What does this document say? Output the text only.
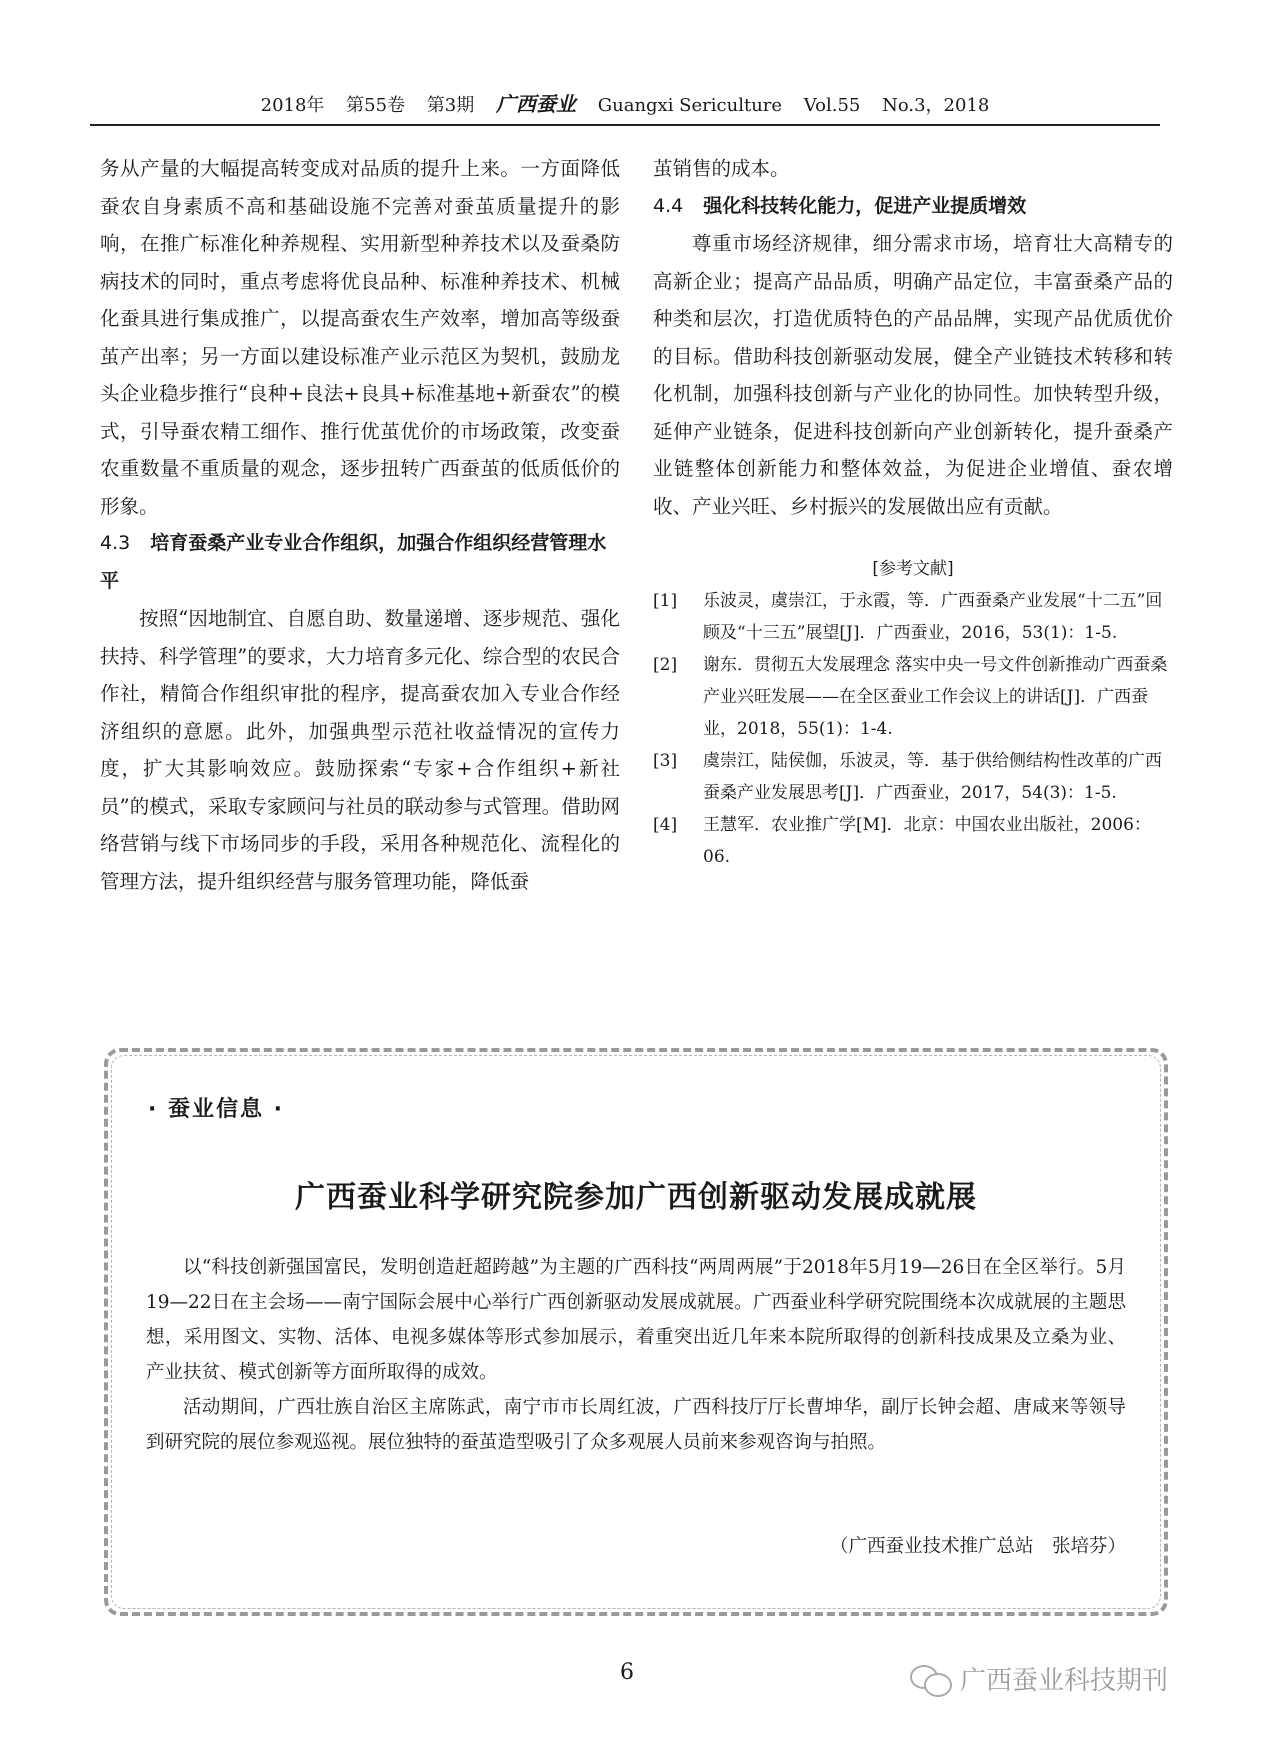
2018年 第55卷 第3期 广西蚕业 Guangxi Sericulture Vol.55 No.3，2018

务从产量的大幅提高转变成对品质的提升上来。一方面降低蚕农自身素质不高和基础设施不完善对蚕茧质量提升的影响，在推广标准化种养规程、实用新型种养技术以及蚕桑防病技术的同时，重点考虑将优良品种、标准种养技术、机械化蚕具进行集成推广，以提高蚕农生产效率，增加高等级蚕茧产出率；另一方面以建设标准产业示范区为契机，鼓励龙头企业稳步推行“良种+良法+良具+标准基地+新蚕农”的模式，引导蚕农精工细作、推行优茧优价的市场政策，改变蚕农重数量不重质量的观念，逐步扭转广西蚕茧的低质低价的形象。

4.3 培育蚕桑产业专业合作组织，加强合作组织经营管理水平

按照“因地制宜、自愿自助、数量递增、逐步规范、强化扶持、科学管理”的要求，大力培育多元化、综合型的农民合作社，精简合作组织审批的程序，提高蚕农加入专业合作经济组织的意愿。此外，加强典型示范社收益情况的宣传力度，扩大其影响效应。鼓励探索“专家+合作组织+新社员”的模式，采取专家顾问与社员的联动参与式管理。借助网络营销与线下市场同步的手段，采用各种规范化、流程化的管理方法，提升组织经营与服务管理功能，降低蚕

茧销售的成本。

4.4 强化科技转化能力，促进产业提质增效

尊重市场经济规律，细分需求市场，培育壮大高精专的高新企业；提高产品品质，明确产品定位，丰富蚕桑产品的种类和层次，打造优质特色的产品品牌，实现产品优质优价的目标。借助科技创新驱动发展，健全产业链技术转移和转化机制，加强科技创新与产业化的协同性。加快转型升级，延伸产业链条，促进科技创新向产业创新转化，提升蚕桑产业链整体创新能力和整体效益，为促进企业增值、蚕农增收、产业兴旺、乡村振兴的发展做出应有贡献。

[参考文献]
[1]	乐波灵，虞崇江，于永霞，等．广西蚕桑产业发展“十二五”回顾及“十三五”展望[J]．广西蚕业，2016，53(1)：1-5.
[2]	谢东．贯彻五大发展理念 落实中央一号文件创新推动广西蚕桑产业兴旺发展——在全区蚕业工作会议上的讲话[J]．广西蚕业，2018，55(1)：1-4.
[3]	虞崇江，陆侯伽，乐波灵，等．基于供给侧结构性改革的广西蚕桑产业发展思考[J]．广西蚕业，2017，54(3)：1-5.
[4]	王慧军．农业推广学[M]．北京：中国农业出版社，2006：06.
· 蚕业信息 ·
广西蚕业科学研究院参加广西创新驱动发展成就展

以“科技创新强国富民，发明创造赶超跨越”为主题的广西科技“两周两展”于2018年5月19—26日在全区举行。5月19—22日在主会场——南宁国际会展中心举行广西创新驱动发展成就展。广西蚕业科学研究院围绕本次成就展的主题思想，采用图文、实物、活体、电视多媒体等形式参加展示，着重突出近几年来本院所取得的创新科技成果及立桑为业、产业扶贫、模式创新等方面所取得的成效。

活动期间，广西壮族自治区主席陈武，南宁市市长周红波，广西科技厅厅长曹坤华，副厅长钟会超、唐咸来等领导到研究院的展位参观巡视。展位独特的蚕茧造型吸引了众多观展人员前来参观咨询与拍照。

（广西蚕业技术推广总站　张培芬）
6	广西蚕业科技期刊
